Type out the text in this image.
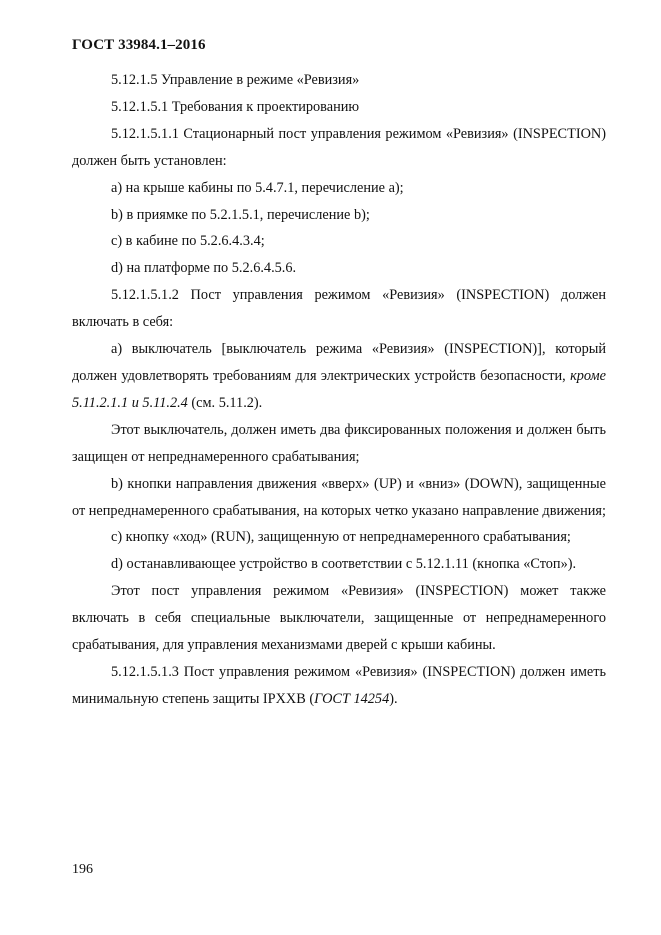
ГОСТ 33984.1–2016

5.12.1.5 Управление в режиме «Ревизия»

5.12.1.5.1 Требования к проектированию

5.12.1.5.1.1 Стационарный пост управления режимом «Ревизия» (INSPECTION) должен быть установлен:

a) на крыше кабины по 5.4.7.1, перечисление а);

b) в приямке по 5.2.1.5.1, перечисление b);

c) в кабине по 5.2.6.4.3.4;

d) на платформе по 5.2.6.4.5.6.

5.12.1.5.1.2 Пост управления режимом «Ревизия» (INSPECTION) должен включать в себя:

а) выключатель [выключатель режима «Ревизия» (INSPECTION)], который должен удовлетворять требованиям для электрических устройств безопасности, кроме 5.11.2.1.1 и 5.11.2.4 (см. 5.11.2).

Этот выключатель, должен иметь два фиксированных положения и должен быть защищен от непреднамеренного срабатывания;

b) кнопки направления движения «вверх» (UP) и «вниз» (DOWN), защищенные от непреднамеренного срабатывания, на которых четко указано направление движения;

с) кнопку «ход» (RUN), защищенную от непреднамеренного срабатывания;

d) останавливающее устройство в соответствии с 5.12.1.11 (кнопка «Стоп»).

Этот пост управления режимом «Ревизия» (INSPECTION) может также включать в себя специальные выключатели, защищенные от непреднамеренного срабатывания, для управления механизмами дверей с крыши кабины.

5.12.1.5.1.3 Пост управления режимом «Ревизия» (INSPECTION) должен иметь минимальную степень защиты IPXXB (ГОСТ 14254).

196
